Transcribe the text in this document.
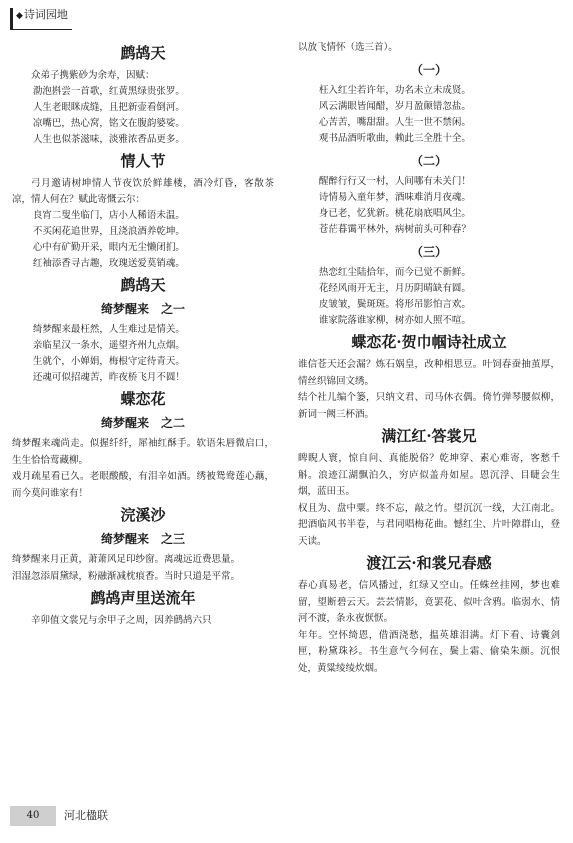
◆诗词园地
鹧鸪天

众弟子携紫砂为余寿，因赋：

泐泡斟尝一首歌，红黄黑绿贵张罗。

人生老眼眯成缝，且把新壶看倒河。

凉嘴巴，热心窝，铭文在腹韵婆娑。

人生也似茶滋味，淡雅浓香品更多。

情人节

弓月邀请树坤情人节夜饮於鲜雄楼，酒冷灯昏，客散茶凉，情人何在？赋此寄慨云尔：

良宵二叟坐临门，店小人稀语未温。

不买闲花追世界，且浇浪酒养乾坤。

心中有矿勤开采，眼内无尘懒闭扪。

红袖添香寻古趣，玫瑰送爱莫销魂。

鹧鸪天
绮梦醒来　之一

绮梦醒来最枉然，人生难过是情关。

亲临星汉一条水，遥望齐州九点烟。

生就个，小婵娟，梅根守定待青天。

还魂可似招魂苦，昨夜桥飞月不圆！

蝶恋花
绮梦醒来　之二

绮梦醒来魂尚走。似握纤纤，犀袖红酥手。软语朱唇微启口，生生恰恰莺藏柳。

戏月疏星看已久。老眼酸酸，有泪辛如酒。绣被鸳鸯莲心藕，而今莫问谁家有！

浣溪沙
绮梦醒来　之三

绮梦醒来月正黄，萧萧风足印纱窗。离魂远近费思量。

泪湿忽添眉黛绿，粉融渐减枕痕香。当时只道是平常。

鹧鸪声里送流年

辛卯值文裳兄与余甲子之周，因养鹧鸪六只

以放飞情怀（选三首）。

（一）

枉入红尘若许年，功名未立未成贤。

风云满眼皆闻醋，岁月盈颠错忽盐。

心苦苦，嘴甜甜。人生一世不禁闲。

观书品酒听歌曲，赖此三全胜十全。

（二）

醒醉行行又一村，人间哪有未关门！

诗情易入童年梦，酒味难消月夜魂。

身已老，忆犹新。桃花扇底唱风尘。

苍茫暮霭平林外，病树前头可种春？

（三）

热恋红尘陆拾年，而今已觉不新鲜。

花经风雨开无主，月历阴晴缺有圆。

皮皱皱，鬓斑斑。将形吊影怕言欢。

谁家院落谁家柳，树亦如人照不喧。

蝶恋花·贺巾帼诗社成立

谁信苍天还会漏？炼石娲皇，改种相思豆。叶饲春蚕抽茧厚，情丝织锦回文绣。

结个社儿编个篓，只纳文君、司马休衣偶。倚竹弹琴腰似柳，新词一阙三杯酒。

满江红·答裳兄

睥睨人寰，惊自问、真能脱俗？乾坤穿、素心难寄，客愁千斛。浪迹江湖飘泊久，穷庐似盖舟如屋。恩沉浮、目睫会生烟，蓝田玉。

权且为、盘中粟。终不忘，敲之竹。望沉沉一线，大江南北。把酒临风书半卷，与君同唱梅花曲。憾红尘、片叶障群山，登天读。

渡江云·和裳兄春感

春心真易老，信风播过，红绿又空山。任蛛丝挂网，梦也难留，望断碧云天。芸芸情影，竟罢花、似叶含鸦。临弱水、情河不渡，条永夜恹恹。

年年。空怀绮恩，借酒浇愁，揾英雄泪满。灯下看、诗囊剑匣，粉黛珠衫。书生意气今何在，鬓上霜、偷染朱颜。沉恨处，黄粱绫绫炊烟。

40	河北楹联
